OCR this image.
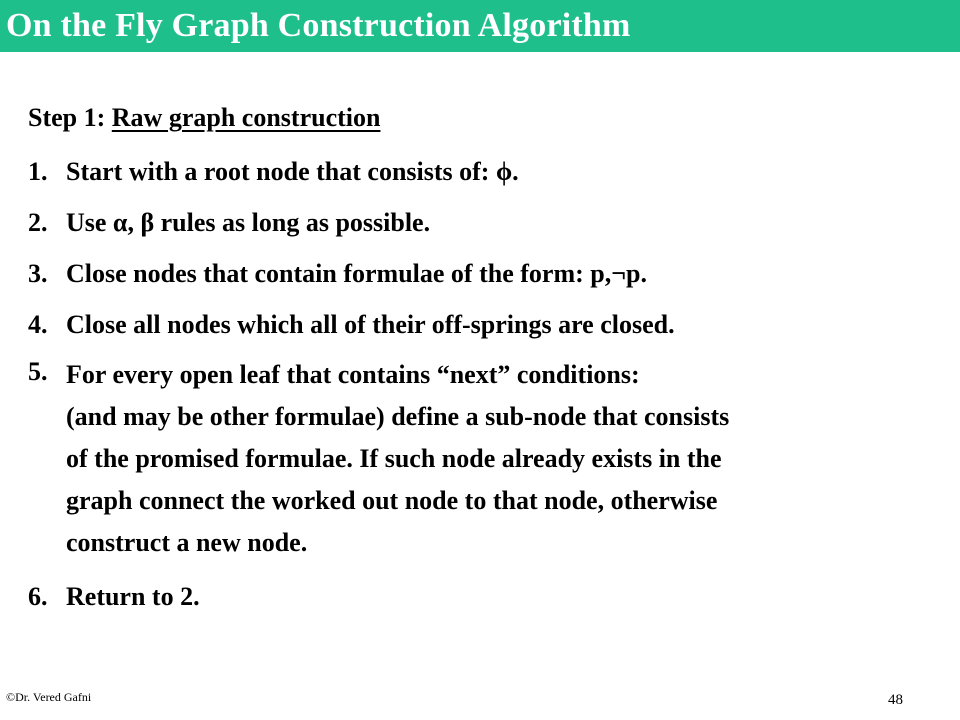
On the Fly Graph Construction Algorithm
Step 1: Raw graph construction
1. Start with a root node that consists of: ϕ.
2. Use α, β rules as long as possible.
3. Close nodes that contain formulae of the form: p,¬p.
4. Close all nodes which all of their off-springs are closed.
5. For every open leaf that contains “next” conditions:
(and may be other formulae) define a sub-node that consists
of the promised formulae. If such node already exists in the
graph connect the worked out node to that node, otherwise
construct a new node.
6. Return to 2.
©Dr. Vered Gafni	48
